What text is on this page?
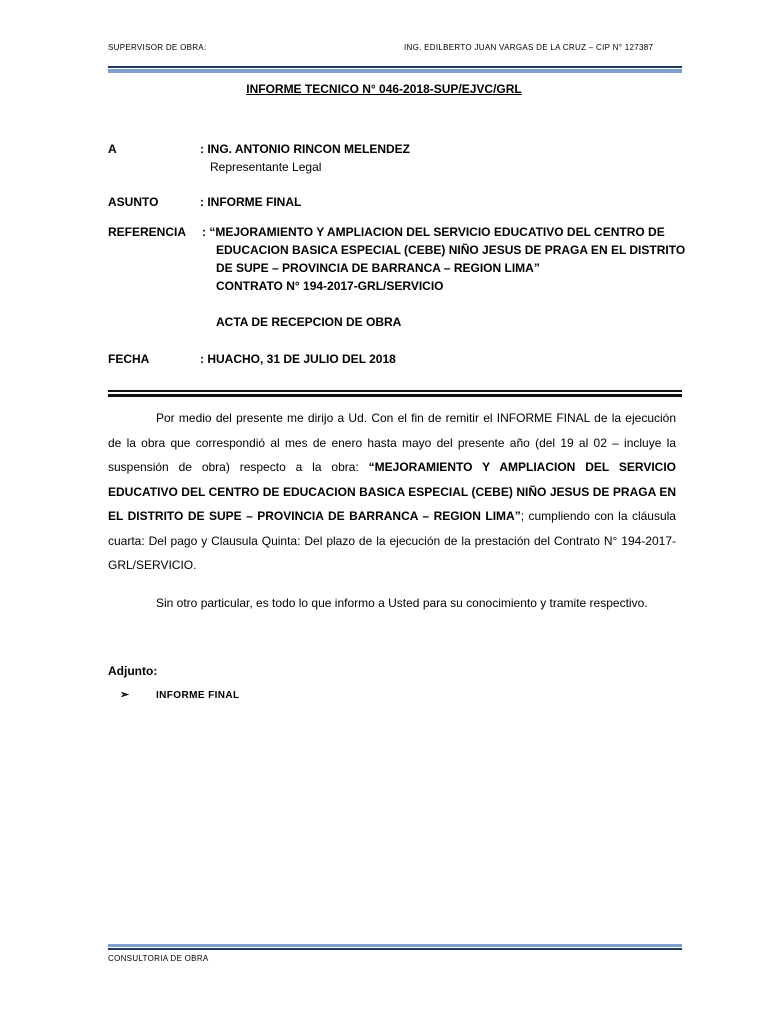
SUPERVISOR DE OBRA:	ING. EDILBERTO JUAN VARGAS DE LA CRUZ – CIP N° 127387
INFORME TECNICO N° 046-2018-SUP/EJVC/GRL
A	: ING. ANTONIO RINCON MELENDEZ
Representante Legal
ASUNTO	: INFORME FINAL
REFERENCIA : “MEJORAMIENTO Y AMPLIACION DEL SERVICIO EDUCATIVO DEL CENTRO DE
EDUCACION BASICA ESPECIAL (CEBE) NIÑO JESUS DE PRAGA EN EL DISTRITO
DE SUPE – PROVINCIA DE BARRANCA – REGION LIMA”
CONTRATO N° 194-2017-GRL/SERVICIO
ACTA DE RECEPCION DE OBRA
FECHA	: HUACHO, 31 DE JULIO DEL 2018
Por medio del presente me dirijo a Ud. Con el fin de remitir el INFORME FINAL de la ejecución de la obra que correspondió al mes de enero hasta mayo del presente año (del 19 al 02 – incluye la suspensión de obra) respecto a la obra: “MEJORAMIENTO Y AMPLIACION DEL SERVICIO EDUCATIVO DEL CENTRO DE EDUCACION BASICA ESPECIAL (CEBE) NIÑO JESUS DE PRAGA EN EL DISTRITO DE SUPE – PROVINCIA DE BARRANCA – REGION LIMA”; cumpliendo con la cláusula cuarta: Del pago y Clausula Quinta: Del plazo de la ejecución de la prestación del Contrato N° 194-2017-GRL/SERVICIO.
Sin otro particular, es todo lo que informo a Usted para su conocimiento y tramite respectivo.
Adjunto:
➢	INFORME FINAL
CONSULTORIA DE OBRA
